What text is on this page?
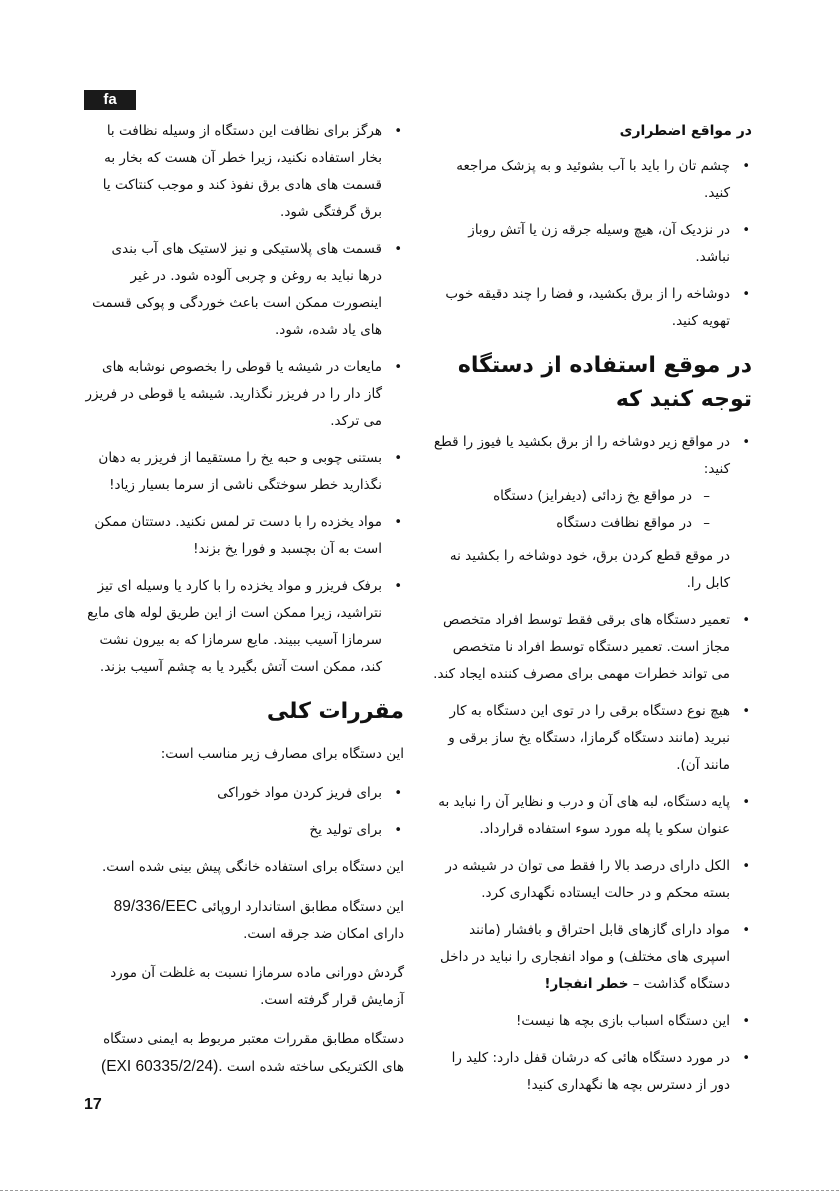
fa
در مواقع اضطراری
• چشم تان را باید با آب بشوئید و به پزشک مراجعه کنید.
• در نزدیک آن، هیچ وسیله جرقه زن یا آتش روباز نباشد.
• دوشاخه را از برق بکشید، و فضا را چند دقیقه خوب تهویه کنید.
در موقع استفاده از دستگاه توجه کنید که
• در مواقع زیر دوشاخه را از برق بکشید یا فیوز را قطع کنید:
– در مواقع یخ زدائی (دیفرایز) دستگاه
– در مواقع نظافت دستگاه
در موقع قطع کردن برق، خود دوشاخه را بکشید نه کابل را.
• تعمیر دستگاه های برقی فقط توسط افراد متخصص مجاز است. تعمیر دستگاه توسط افراد نا متخصص می تواند خطرات مهمی برای مصرف کننده ایجاد کند.
• هیچ نوع دستگاه برقی را در توی این دستگاه به کار نبرید (مانند دستگاه گرمازا، دستگاه یخ ساز برقی و مانند آن).
• پایه دستگاه، لبه های آن و درب و نظایر آن را نباید به عنوان سکو یا پله مورد سوء استفاده قرارداد.
• الکل دارای درصد بالا را فقط می توان در شیشه در بسته محکم و در حالت ایستاده نگهداری کرد.
• مواد دارای گازهای قابل احتراق و بافشار (مانند اسپری های مختلف) و مواد انفجاری را نباید در داخل دستگاه گذاشت – خطر انفجار!
• این دستگاه اسباب بازی بچه ها نیست!
• در مورد دستگاه هائی که درشان قفل دارد: کلید را دور از دسترس بچه ها نگهداری کنید!
• هرگز برای نظافت این دستگاه از وسیله نظافت با بخار استفاده نکنید، زیرا خطر آن هست که بخار به قسمت های هادی برق نفوذ کند و موجب کنتاکت یا برق گرفتگی شود.
• قسمت های پلاستیکی و نیز لاستیک های آب بندی درها نباید به روغن و چربی آلوده شود. در غیر اینصورت ممکن است باعث خوردگی و پوکی قسمت های یاد شده، شود.
• مایعات در شیشه یا قوطی را بخصوص نوشابه های گاز دار را در فریزر نگذارید. شیشه یا قوطی در فریزر می ترکد.
• بستنی چوبی و حبه یخ را مستقیما از فریزر به دهان نگذارید خطر سوختگی ناشی از سرما بسیار زیاد!
• مواد یخزده را با دست تر لمس نکنید. دستتان ممکن است به آن بچسبد و فورا یخ بزند!
• برفک فریزر و مواد یخزده را با کارد یا وسیله ای تیز نتراشید، زیرا ممکن است از این طریق لوله های مایع سرمازا آسیب ببیند. مایع سرمازا که به بیرون نشت کند، ممکن است آتش بگیرد یا به چشم آسیب بزند.
مقررات کلی
این دستگاه برای مصارف زیر مناسب است:
• برای فریز کردن مواد خوراکی
• برای تولید یخ
این دستگاه برای استفاده خانگی پیش بینی شده است.
این دستگاه مطابق استاندارد اروپائی 89/336/EEC دارای امکان ضد جرقه است.
گردش دورانی ماده سرمازا نسبت به غلظت آن مورد آزمایش قرار گرفته است.
دستگاه مطابق مقررات معتبر مربوط به ایمنی دستگاه های الکتریکی ساخته شده است (EXI 60335/2/24).
17
